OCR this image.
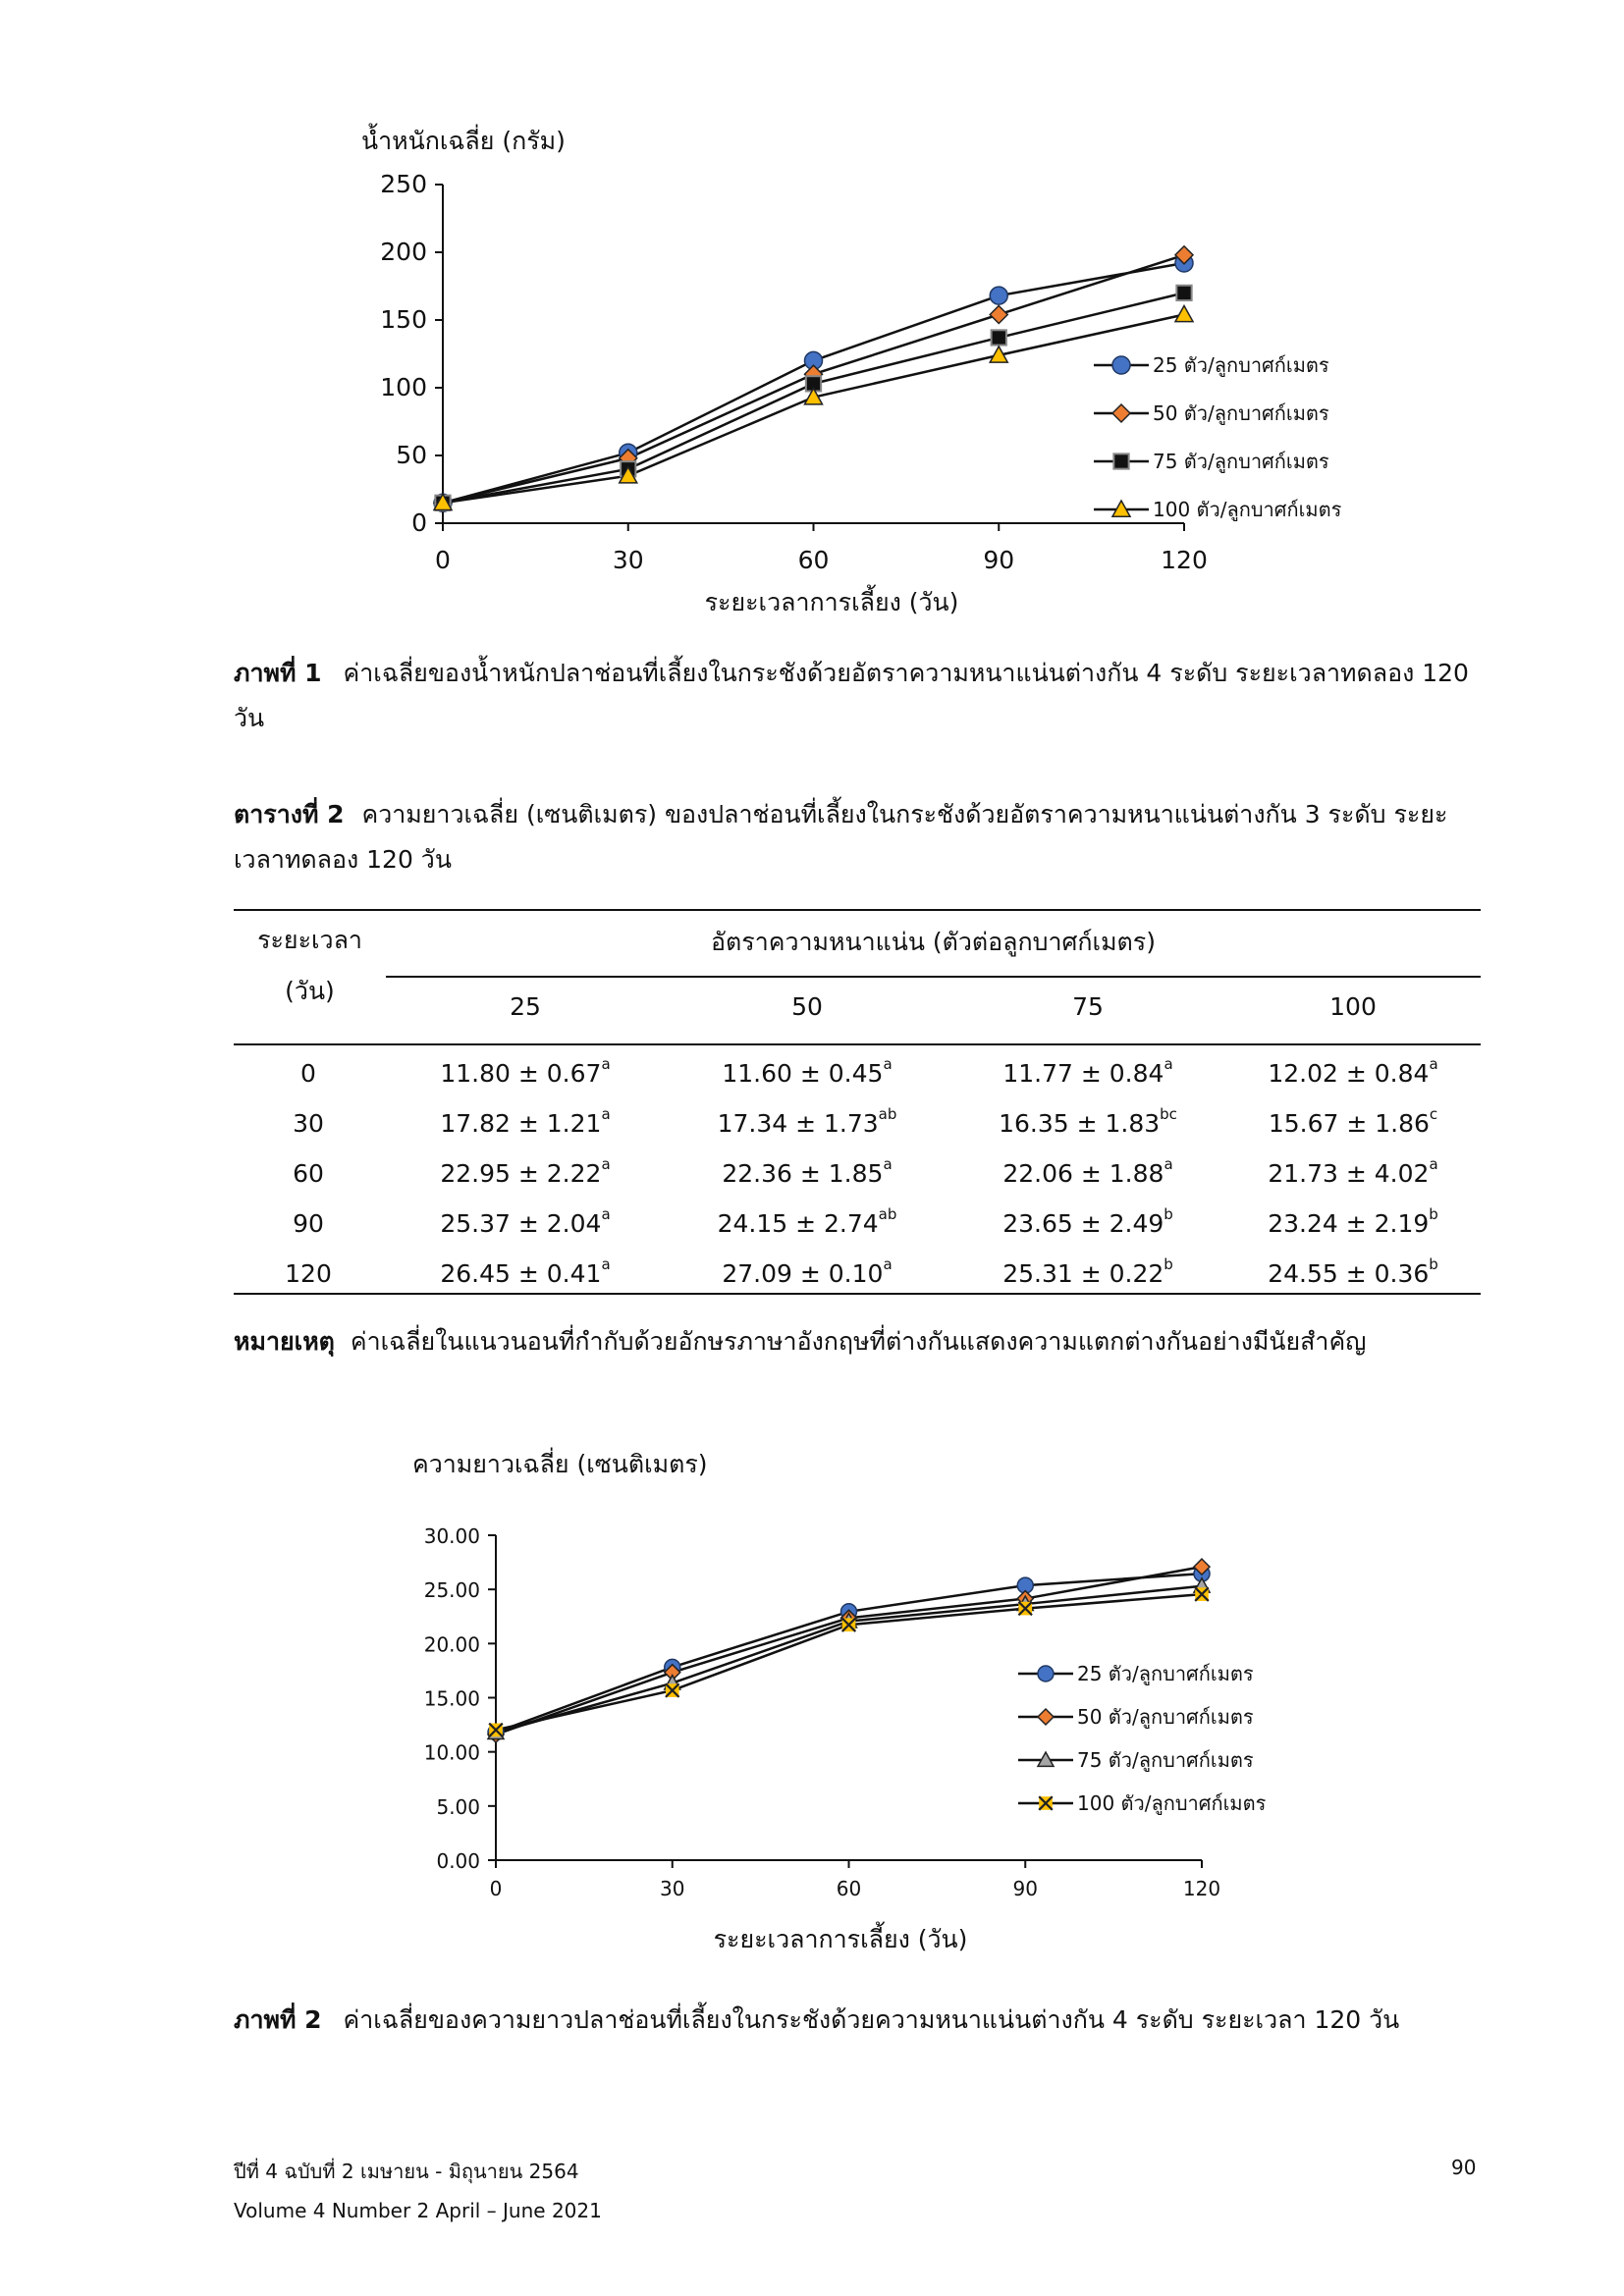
น้ำหนักเฉลี่ย (กรัม)
ระยะเวลาการเลี้ยง (วัน)
250
200
150
100
50
0
0	30	60	90	120
25 ตัว/ลูกบาศก์เมตร
50 ตัว/ลูกบาศก์เมตร
75 ตัว/ลูกบาศก์เมตร
100 ตัว/ลูกบาศก์เมตร
ภาพที่ 1 ค่าเฉลี่ยของน้ำหนักปลาช่อนที่เลี้ยงในกระชังด้วยอัตราความหนาแน่นต่างกัน 4 ระดับ ระยะเวลาทดลอง 120 วัน
ตารางที่ 2 ความยาวเฉลี่ย (เซนติเมตร) ของปลาช่อนที่เลี้ยงในกระชังด้วยอัตราความหนาแน่นต่างกัน 3 ระดับ ระยะเวลาทดลอง 120 วัน
ระยะเวลา
(วัน)
อัตราความหนาแน่น (ตัวต่อลูกบาศก์เมตร)
25	50	75	100
0	11.80 ± 0.67$^a$	11.60 ± 0.45$^a$	11.77 ± 0.84$^a$	12.02 ± 0.84$^a$
30	17.82 ± 1.21$^a$	17.34 ± 1.73$^{ab}$	16.35 ± 1.83$^{bc}$	15.67 ± 1.86$^c$
60	22.95 ± 2.22$^a$	22.36 ± 1.85$^a$	22.06 ± 1.88$^a$	21.73 ± 4.02$^a$
90	25.37 ± 2.04$^a$	24.15 ± 2.74$^{ab}$	23.65 ± 2.49$^b$	23.24 ± 2.19$^b$
120	26.45 ± 0.41$^a$	27.09 ± 0.10$^a$	25.31 ± 0.22$^b$	24.55 ± 0.36$^b$
หมายเหตุ ค่าเฉลี่ยในแนวนอนที่กำกับด้วยอักษรภาษาอังกฤษที่ต่างกันแสดงความแตกต่างกันอย่างมีนัยสำคัญ
ความยาวเฉลี่ย (เซนติเมตร)
ระยะเวลาการเลี้ยง (วัน)
30.00
25.00
20.00
15.00
10.00
5.00
0.00
0	30	60	90	120
25 ตัว/ลูกบาศก์เมตร
50 ตัว/ลูกบาศก์เมตร
75 ตัว/ลูกบาศก์เมตร
100 ตัว/ลูกบาศก์เมตร
ภาพที่ 2 ค่าเฉลี่ยของความยาวปลาช่อนที่เลี้ยงในกระชังด้วยความหนาแน่นต่างกัน 4 ระดับ ระยะเวลา 120 วัน
ปีที่ 4 ฉบับที่ 2 เมษายน - มิถุนายน 2564
Volume 4 Number 2 April – June 2021
90
